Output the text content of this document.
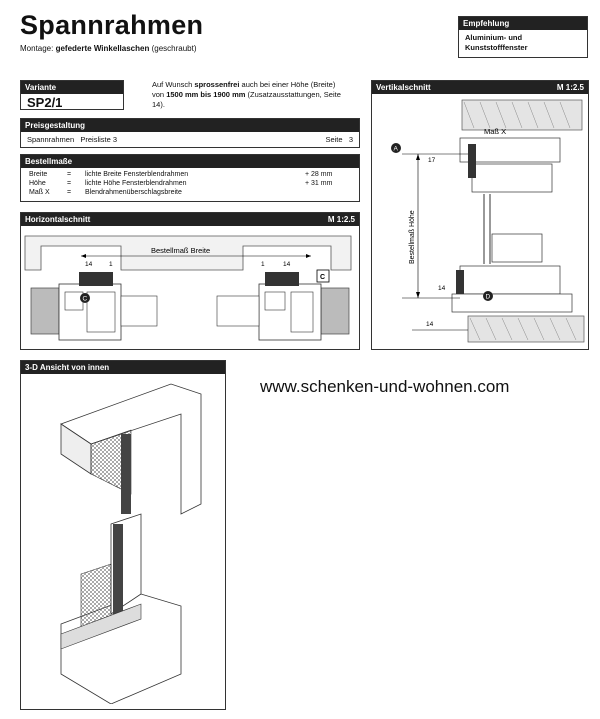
Spannrahmen
Montage: gefederte Winkellaschen (geschraubt)
Empfehlung
Aluminium- und
Kunststofffenster
Variante
SP2/1
Auf Wunsch sprossenfrei auch bei einer Höhe (Breite) von 1500 mm bis 1900 mm (Zusatzausstattungen, Seite 14).
Preisgestaltung
Spannrahmen   Preisliste 3	Seite   3
Bestellmaße
Breite	=	lichte Breite Fensterblendrahmen	+ 28 mm
Höhe	=	lichte Höhe Fensterblendrahmen	+ 31 mm
Maß X	=	Blendrahmenüberschlagsbreite	
Horizontalschnitt	M 1:2.5
Bestellmaß Breite
14	1	1	14
C
C
Vertikalschnitt	M 1:2.5
Maß X
Bestellmaß Höhe
17
14
14
A
D
3-D Ansicht von innen
www.schenken-und-wohnen.com
